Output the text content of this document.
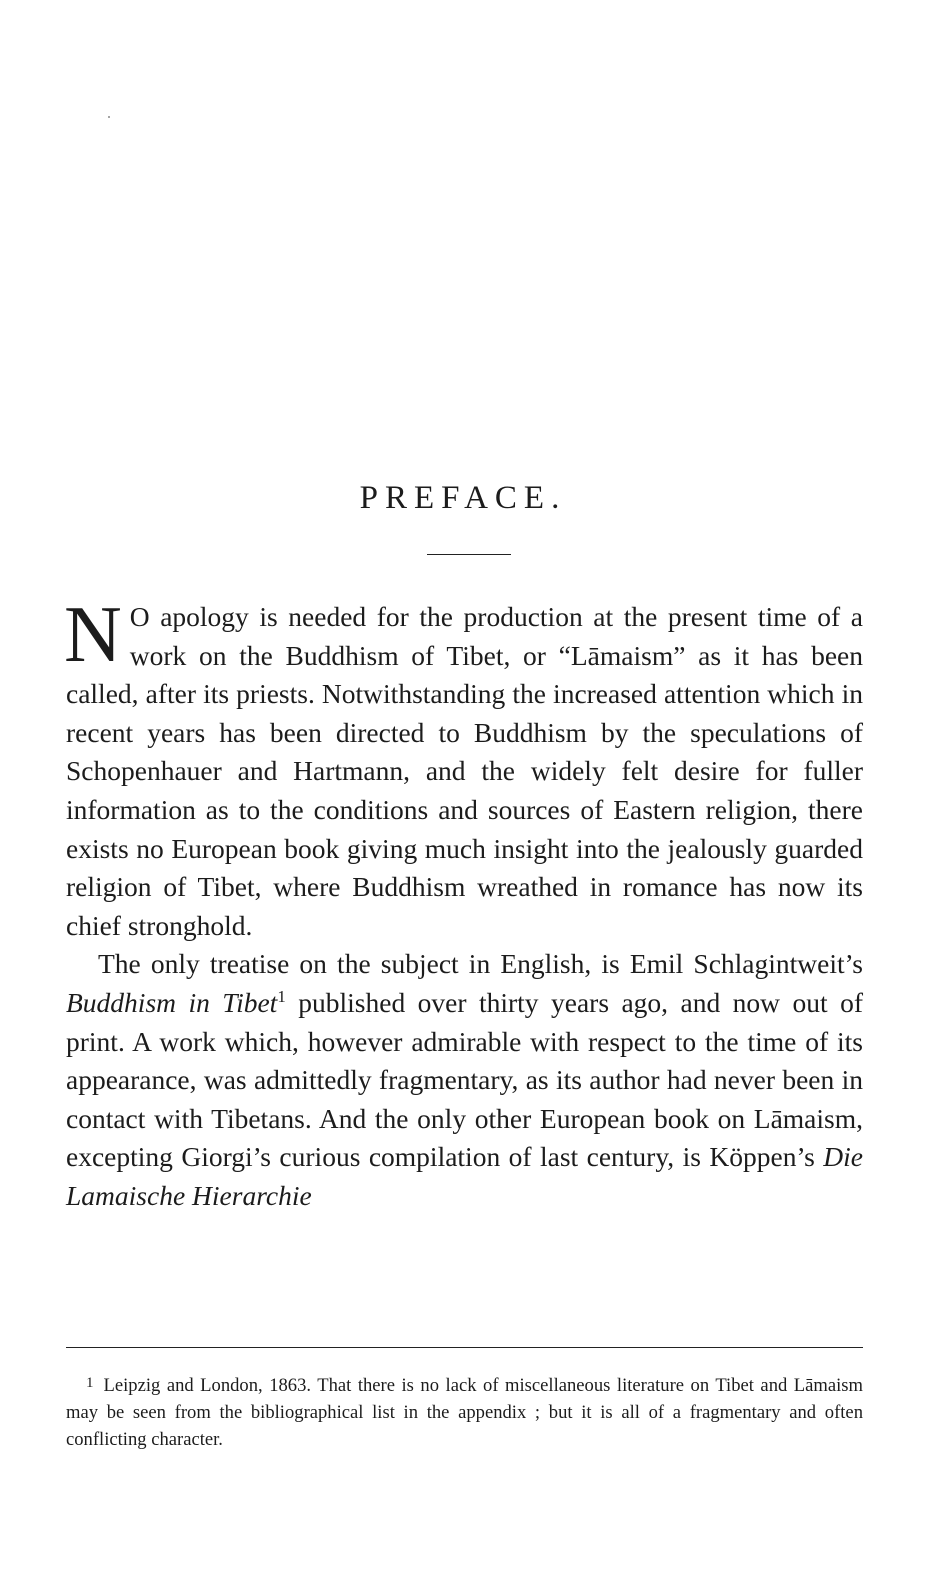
PREFACE.

N O apology is needed for the production at the present time of a work on the Buddhism of Tibet, or “Lāmaism” as it has been called, after its priests. Notwithstanding the increased attention which in recent years has been directed to Buddhism by the speculations of Schopenhauer and Hartmann, and the widely felt desire for fuller information as to the conditions and sources of Eastern religion, there exists no European book giving much insight into the jealously guarded religion of Tibet, where Buddhism wreathed in romance has now its chief stronghold.

The only treatise on the subject in English, is Emil Schlagintweit’s Buddhism in Tibet$^1$ published over thirty years ago, and now out of print. A work which, however admirable with respect to the time of its appearance, was admittedly fragmentary, as its author had never been in contact with Tibetans. And the only other European book on Lāmaism, excepting Giorgi’s curious compilation of last century, is Köppen’s Die Lamaische Hierarchie

1 Leipzig and London, 1863. That there is no lack of miscellaneous literature on Tibet and Lāmaism may be seen from the bibliographical list in the appendix ; but it is all of a fragmentary and often conflicting character.
